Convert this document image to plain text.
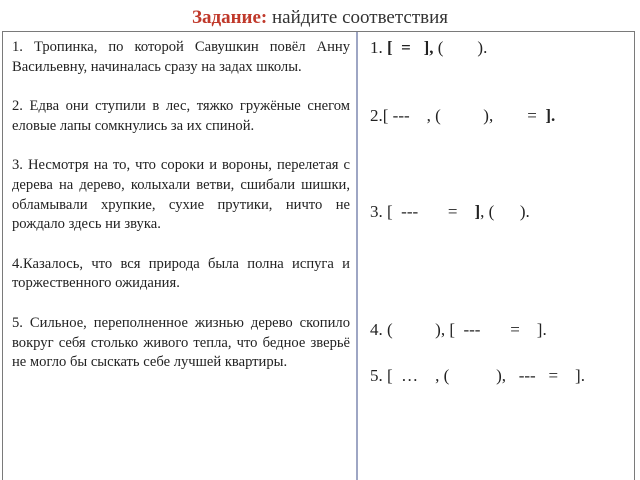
Задание: найдите соответствия

1. Тропинка, по которой Савушкин повёл Анну Васильевну, начиналась сразу на задах школы.

2. Едва они ступили в лес, тяжко гружёные снегом еловые лапы сомкнулись за их спиной.

3. Несмотря на то, что сороки и вороны, перелетая с дерева на дерево, колыхали ветви, сшибали шишки, обламывали хрупкие, сухие прутики, ничто не рождало здесь ни звука.

4.Казалось, что вся природа была полна испуга и торжественного ожидания.

5. Сильное, переполненное жизнью дерево скопило вокруг себя столько живого тепла, что бедное зверьё не могло бы сыскать себе лучшей квартиры.

1. [  =   ], (        ).
2.[ ---    , (          ),        =  ].
3. [  ---       =    ], (      ).
4. (          ), [  ---       =    ].
5. [  …    , (           ),   ---   =    ].
